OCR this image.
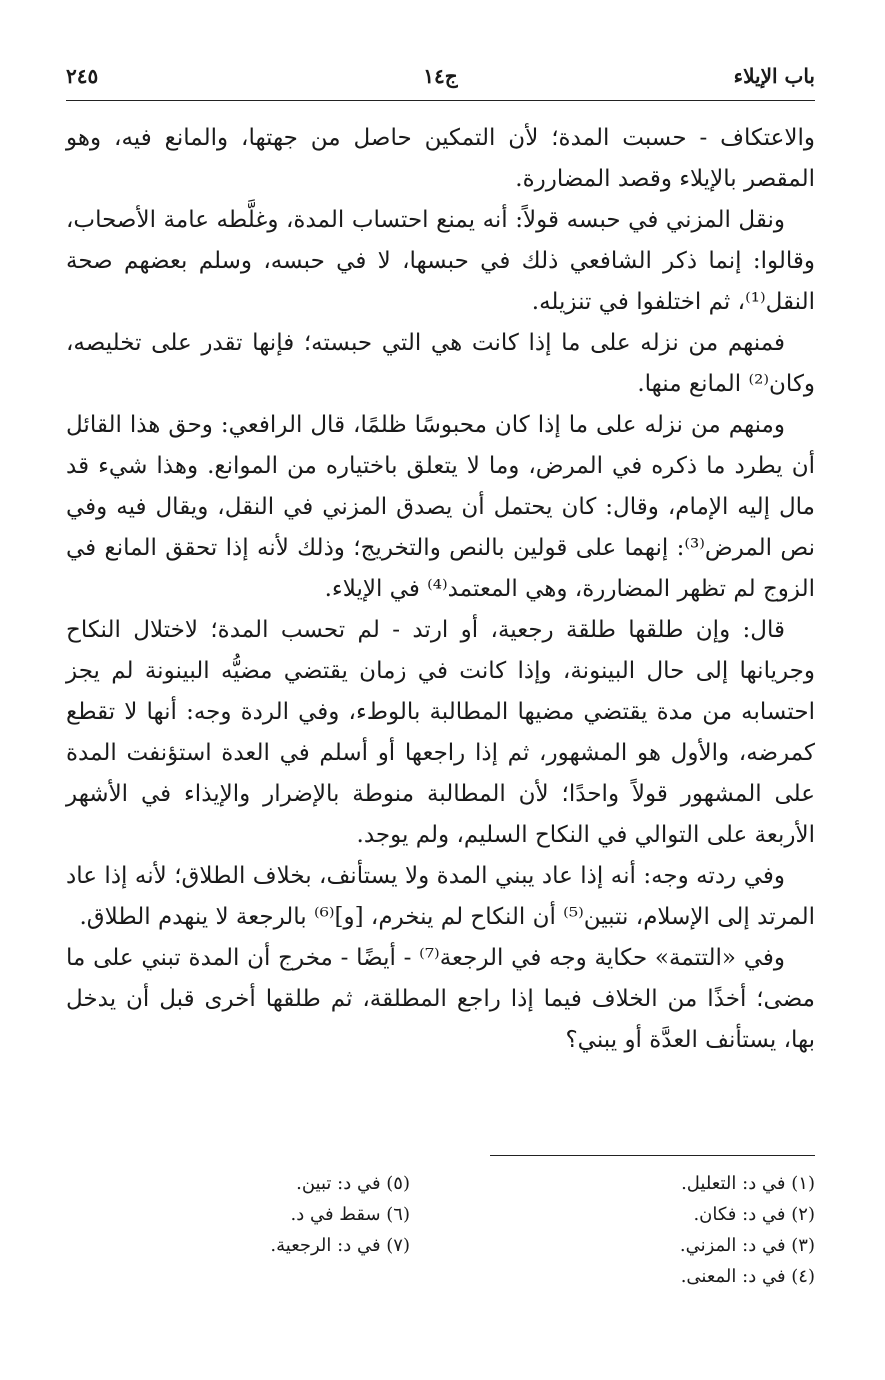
باب الإيلاء
ج١٤
٢٤٥

والاعتكاف - حسبت المدة؛ لأن التمكين حاصل من جهتها، والمانع فيه، وهو المقصر بالإيلاء وقصد المضاررة.

ونقل المزني في حبسه قولاً: أنه يمنع احتساب المدة، وغلَّطه عامة الأصحاب، وقالوا: إنما ذكر الشافعي ذلك في حبسها، لا في حبسه، وسلم بعضهم صحة النقل⁽¹⁾، ثم اختلفوا في تنزيله.

فمنهم من نزله على ما إذا كانت هي التي حبسته؛ فإنها تقدر على تخليصه، وكان⁽²⁾ المانع منها.

ومنهم من نزله على ما إذا كان محبوسًا ظلمًا، قال الرافعي: وحق هذا القائل أن يطرد ما ذكره في المرض، وما لا يتعلق باختياره من الموانع. وهذا شيء قد مال إليه الإمام، وقال: كان يحتمل أن يصدق المزني في النقل، ويقال فيه وفي نص المرض⁽³⁾: إنهما على قولين بالنص والتخريج؛ وذلك لأنه إذا تحقق المانع في الزوج لم تظهر المضاررة، وهي المعتمد⁽⁴⁾ في الإيلاء.

قال: وإن طلقها طلقة رجعية، أو ارتد - لم تحسب المدة؛ لاختلال النكاح وجريانها إلى حال البينونة، وإذا كانت في زمان يقتضي مضيُّه البينونة لم يجز احتسابه من مدة يقتضي مضيها المطالبة بالوطء، وفي الردة وجه: أنها لا تقطع كمرضه، والأول هو المشهور، ثم إذا راجعها أو أسلم في العدة استؤنفت المدة على المشهور قولاً واحدًا؛ لأن المطالبة منوطة بالإضرار والإيذاء في الأشهر الأربعة على التوالي في النكاح السليم، ولم يوجد.

وفي ردته وجه: أنه إذا عاد يبني المدة ولا يستأنف، بخلاف الطلاق؛ لأنه إذا عاد المرتد إلى الإسلام، نتبين⁽⁵⁾ أن النكاح لم ينخرم، [و]⁽⁶⁾ بالرجعة لا ينهدم الطلاق.

وفي «التتمة» حكاية وجه في الرجعة⁽⁷⁾ - أيضًا - مخرج أن المدة تبني على ما مضى؛ أخذًا من الخلاف فيما إذا راجع المطلقة، ثم طلقها أخرى قبل أن يدخل بها، يستأنف العدَّة أو يبني؟

(١) في د: التعليل.
(٢) في د: فكان.
(٣) في د: المزني.
(٤) في د: المعنى.
(٥) في د: تبين.
(٦) سقط في د.
(٧) في د: الرجعية.
